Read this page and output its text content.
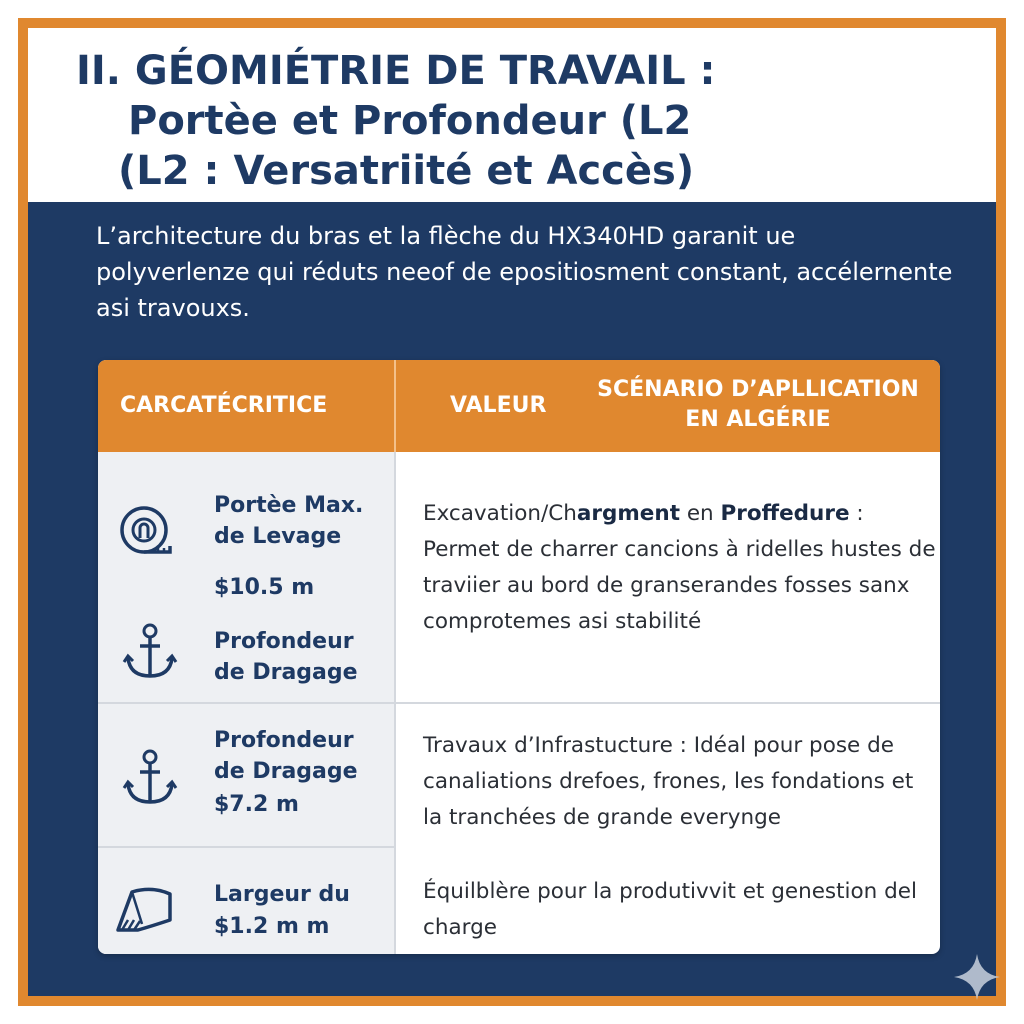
II. GÉOMIÉTRIE DE TRAVAIL :
Portèe et Profondeur (L2
(L2 : Versatriité et Accès)

L’architecture du bras et la flèche du HX340HD garanit ue polyverlenze qui réduts neeof de epositiosment constant, accélernente asi travouxs.

CARCATÉCRITICE	VALEUR
SCÉNARIO D’APLLICATION EN ALGÉRIE

Portèe Max.

de Levage

$10.5 m

Profondeur

de Dragage

Excavation/Chargment en Proffedure : Permet de charrer cancions à ridelles hustes de traviier au bord de granserandes fosses sanx comprotemes asi stabilité

Profondeur

de Dragage

$7.2 m

Travaux d’Infrastucture : Idéal pour pose de canaliations drefoes, frones, les fondations et la tranchées de grande everyngе

Largeur du

$1.2 m m

Équilblère pour la produtivvit et genestion del charge
